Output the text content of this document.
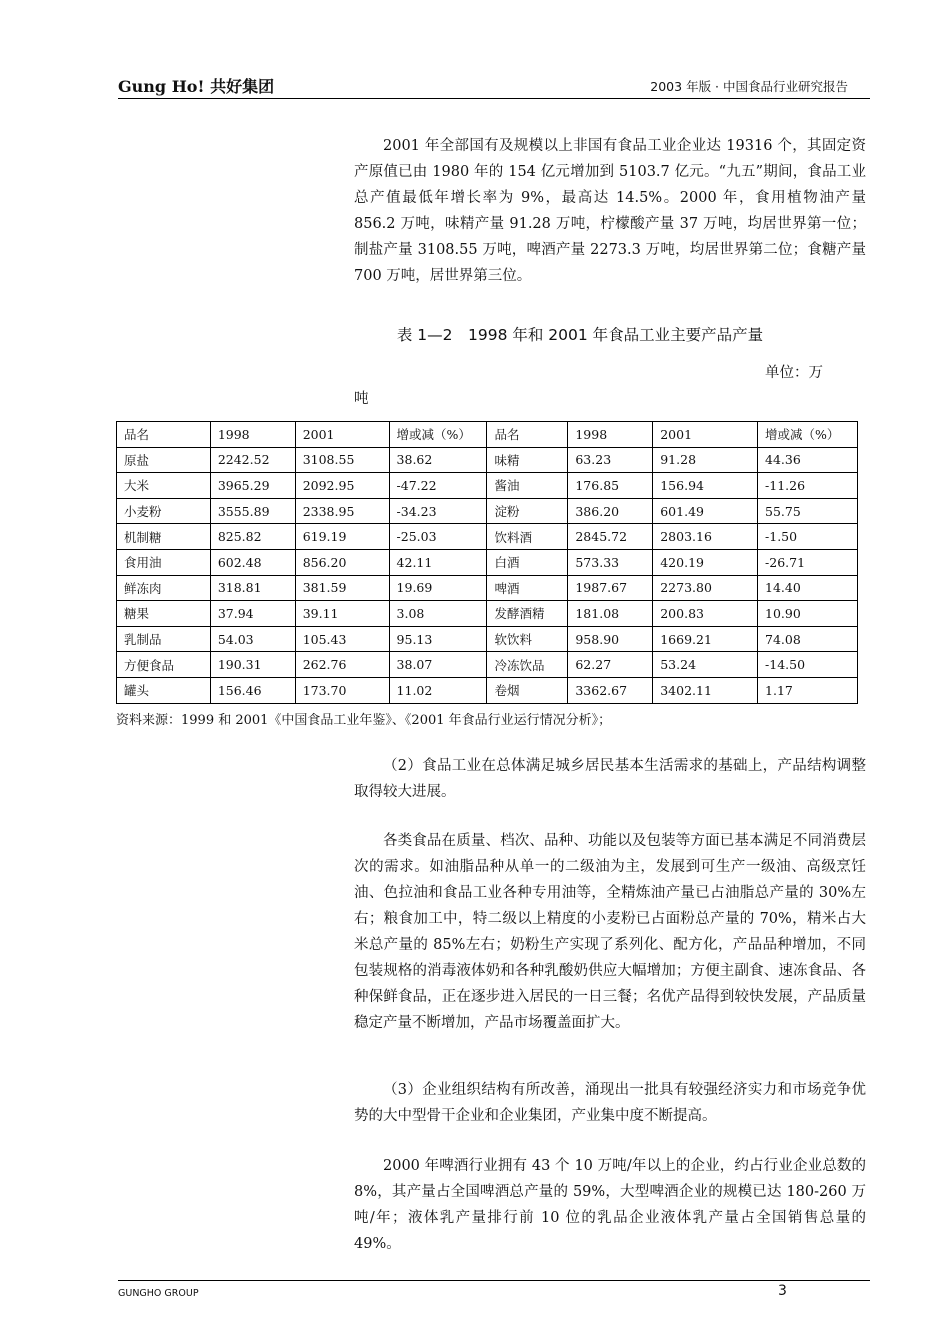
Gung Ho! 共好集团	2003 年版 · 中国食品行业研究报告

2001 年全部国有及规模以上非国有食品工业企业达 19316 个，其固定资产原值已由 1980 年的 154 亿元增加到 5103.7 亿元。“九五”期间，食品工业总产值最低年增长率为 9%，最高达 14.5%。2000 年，食用植物油产量 856.2 万吨，味精产量 91.28 万吨，柠檬酸产量 37 万吨，均居世界第一位；制盐产量 3108.55 万吨，啤酒产量 2273.3 万吨，均居世界第二位；食糖产量 700 万吨，居世界第三位。

表 1—2　1998 年和 2001 年食品工业主要产品产量
单位：万
吨
品名	1998	2001	增或减（%）	品名	1998	2001	增或减（%）
原盐	2242.52	3108.55	38.62	味精	63.23	91.28	44.36
大米	3965.29	2092.95	-47.22	酱油	176.85	156.94	-11.26
小麦粉	3555.89	2338.95	-34.23	淀粉	386.20	601.49	55.75
机制糖	825.82	619.19	-25.03	饮料酒	2845.72	2803.16	-1.50
食用油	602.48	856.20	42.11	白酒	573.33	420.19	-26.71
鲜冻肉	318.81	381.59	19.69	啤酒	1987.67	2273.80	14.40
糖果	37.94	39.11	3.08	发酵酒精	181.08	200.83	10.90
乳制品	54.03	105.43	95.13	软饮料	958.90	1669.21	74.08
方便食品	190.31	262.76	38.07	冷冻饮品	62.27	53.24	-14.50
罐头	156.46	173.70	11.02	卷烟	3362.67	3402.11	1.17
资料来源：1999 和 2001《中国食品工业年鉴》、《2001 年食品行业运行情况分析》；

（2）食品工业在总体满足城乡居民基本生活需求的基础上，产品结构调整取得较大进展。

各类食品在质量、档次、品种、功能以及包装等方面已基本满足不同消费层次的需求。如油脂品种从单一的二级油为主，发展到可生产一级油、高级烹饪油、色拉油和食品工业各种专用油等，全精炼油产量已占油脂总产量的 30%左右；粮食加工中，特二级以上精度的小麦粉已占面粉总产量的 70%，精米占大米总产量的 85%左右；奶粉生产实现了系列化、配方化，产品品种增加，不同包装规格的消毒液体奶和各种乳酸奶供应大幅增加；方便主副食、速冻食品、各种保鲜食品，正在逐步进入居民的一日三餐；名优产品得到较快发展，产品质量稳定产量不断增加，产品市场覆盖面扩大。

（3）企业组织结构有所改善，涌现出一批具有较强经济实力和市场竞争优势的大中型骨干企业和企业集团，产业集中度不断提高。

2000 年啤酒行业拥有 43 个 10 万吨/年以上的企业，约占行业企业总数的 8%，其产量占全国啤酒总产量的 59%，大型啤酒企业的规模已达 180-260 万吨/年；液体乳产量排行前 10 位的乳品企业液体乳产量占全国销售总量的 49%。

GUNGHO GROUP	3
